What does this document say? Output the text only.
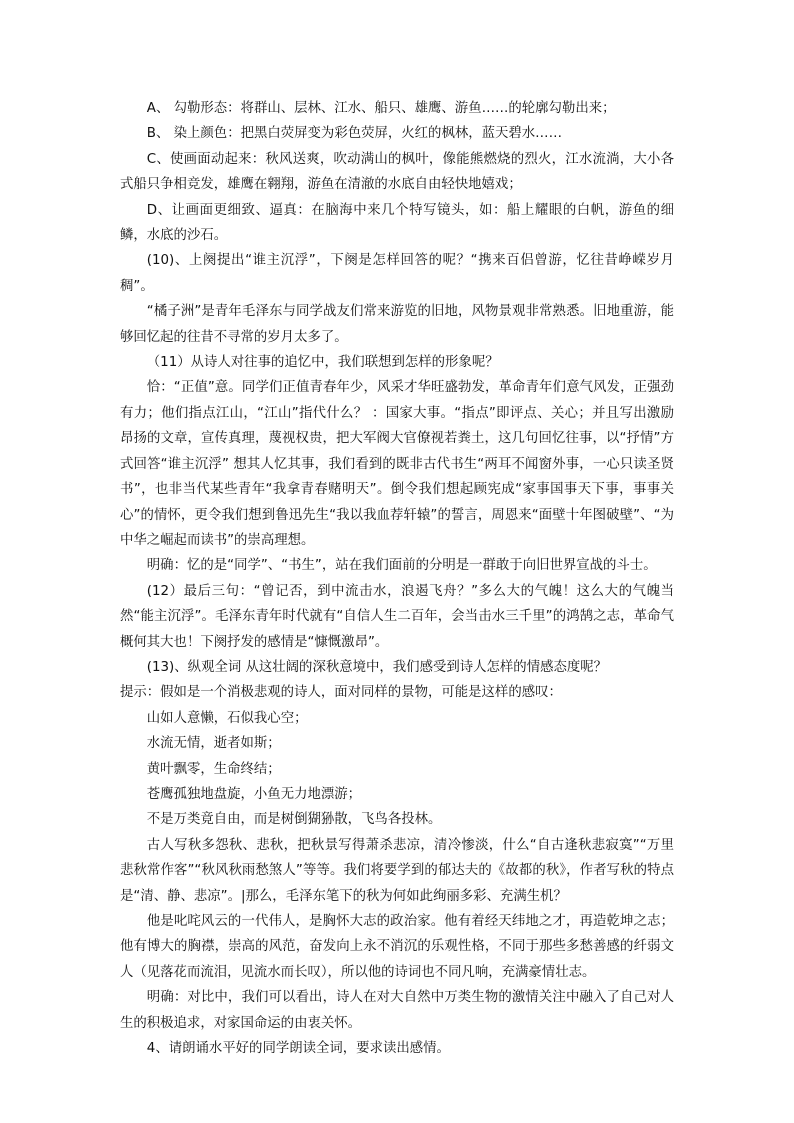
A、 勾勒形态：将群山、层林、江水、船只、雄鹰、游鱼……的轮廓勾勒出来；

B、 染上颜色：把黑白荧屏变为彩色荧屏，火红的枫林，蓝天碧水……

C、使画面动起来：秋风送爽，吹动满山的枫叶，像能熊燃烧的烈火，江水流淌，大小各式船只争相竞发，雄鹰在翱翔，游鱼在清澈的水底自由轻快地嬉戏；

D、让画面更细致、逼真：在脑海中来几个特写镜头，如：船上耀眼的白帆，游鱼的细鳞，水底的沙石。

(10)、上阕提出“谁主沉浮”，下阕是怎样回答的呢？“携来百侣曾游，忆往昔峥嵘岁月稠”。

“橘子洲”是青年毛泽东与同学战友们常来游览的旧地，风物景观非常熟悉。旧地重游，能够回忆起的往昔不寻常的岁月太多了。

（11）从诗人对往事的追忆中，我们联想到怎样的形象呢？

恰：“正值”意。同学们正值青春年少，风采才华旺盛勃发，革命青年们意气风发，正强劲有力；他们指点江山，“江山”指代什么？ ：国家大事。“指点”即评点、关心；并且写出激励昂扬的文章，宣传真理，蔑视权贵，把大军阀大官僚视若粪土，这几句回忆往事，以“抒情”方式回答“谁主沉浮” 想其人忆其事，我们看到的既非古代书生“两耳不闻窗外事，一心只读圣贤书”，也非当代某些青年“我拿青春赌明天”。倒令我们想起顾宪成“家事国事天下事，事事关心”的情怀，更令我们想到鲁迅先生“我以我血荐轩辕”的誓言，周恩来“面壁十年图破壁”、“为中华之崛起而读书”的崇高理想。

明确：忆的是“同学”、“书生”，站在我们面前的分明是一群敢于向旧世界宣战的斗士。

(12）最后三句：“曾记否，到中流击水，浪遏飞舟？”多么大的气魄！这么大的气魄当然“能主沉浮”。毛泽东青年时代就有“自信人生二百年，会当击水三千里”的鸿鹄之志，革命气概何其大也！下阕抒发的感情是“慷慨激昂”。

(13)、纵观全词 从这壮阔的深秋意境中，我们感受到诗人怎样的情感态度呢？

提示：假如是一个消极悲观的诗人，面对同样的景物，可能是这样的感叹：

山如人意懒，石似我心空；

水流无情，逝者如斯；

黄叶飘零，生命终结；

苍鹰孤独地盘旋，小鱼无力地漂游；

不是万类竟自由，而是树倒猢狲散，飞鸟各投林。

古人写秋多怨秋、悲秋，把秋景写得萧杀悲凉，清冷惨淡，什么“自古逢秋悲寂寞”“万里悲秋常作客”“秋风秋雨愁煞人”等等。我们将要学到的郁达夫的《故都的秋》，作者写秋的特点是“清、静、悲凉”。|那么，毛泽东笔下的秋为何如此绚丽多彩、充满生机？

他是叱咤风云的一代伟人，是胸怀大志的政治家。他有着经天纬地之才，再造乾坤之志；他有博大的胸襟，崇高的风范，奋发向上永不消沉的乐观性格，不同于那些多愁善感的纤弱文人（见落花而流泪，见流水而长叹），所以他的诗词也不同凡响，充满豪情壮志。

明确：对比中，我们可以看出，诗人在对大自然中万类生物的激情关注中融入了自己对人生的积极追求，对家国命运的由衷关怀。

4、请朗诵水平好的同学朗读全词，要求读出感情。
